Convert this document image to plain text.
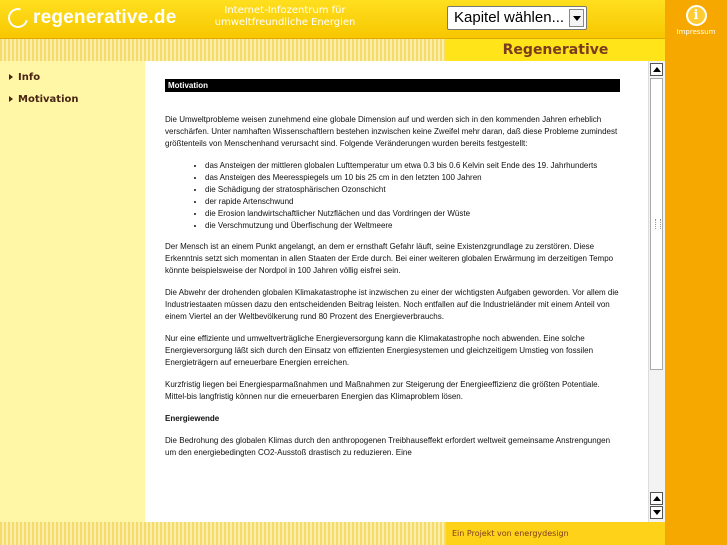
regenerative.de	Internet-Infozentrum für
umweltfreundliche Energien	Kapitel wählen...	i
Impressum
Regenerative
Info
Motivation
Motivation

Die Umweltprobleme weisen zunehmend eine globale Dimension auf und werden sich in den kommenden Jahren erheblich verschärfen. Unter namhaften Wissenschaftlern bestehen inzwischen keine Zweifel mehr daran, daß diese Probleme zumindest größtenteils von Menschenhand verursacht sind. Folgende Veränderungen wurden bereits festgestellt:

• das Ansteigen der mittleren globalen Lufttemperatur um etwa 0.3 bis 0.6 Kelvin seit Ende des 19. Jahrhunderts
• das Ansteigen des Meeresspiegels um 10 bis 25 cm in den letzten 100 Jahren
• die Schädigung der stratosphärischen Ozonschicht
• der rapide Artenschwund
• die Erosion landwirtschaftlicher Nutzflächen und das Vordringen der Wüste
• die Verschmutzung und Überfischung der Weltmeere

Der Mensch ist an einem Punkt angelangt, an dem er ernsthaft Gefahr läuft, seine Existenzgrundlage zu zerstören. Diese Erkenntnis setzt sich momentan in allen Staaten der Erde durch. Bei einer weiteren globalen Erwärmung im derzeitigen Tempo könnte beispielsweise der Nordpol in 100 Jahren völlig eisfrei sein.

Die Abwehr der drohenden globalen Klimakatastrophe ist inzwischen zu einer der wichtigsten Aufgaben geworden. Vor allem die Industriestaaten müssen dazu den entscheidenden Beitrag leisten. Noch entfallen auf die Industrieländer mit einem Anteil von einem Viertel an der Weltbevölkerung rund 80 Prozent des Energieverbrauchs.

Nur eine effiziente und umweltverträgliche Energieversorgung kann die Klimakatastrophe noch abwenden. Eine solche Energieversorgung läßt sich durch den Einsatz von effizienten Energiesystemen und gleichzeitigem Umstieg von fossilen Energieträgern auf erneuerbare Energien erreichen.

Kurzfristig liegen bei Energiesparmaßnahmen und Maßnahmen zur Steigerung der Energieeffizienz die größten Potentiale. Mittel-bis langfristig können nur die erneuerbaren Energien das Klimaproblem lösen.

Energiewende

Die Bedrohung des globalen Klimas durch den anthropogenen Treibhauseffekt erfordert weltweit gemeinsame Anstrengungen um den energiebedingten CO2-Ausstoß drastisch zu reduzieren. Eine

Ein Projekt von energydesign
